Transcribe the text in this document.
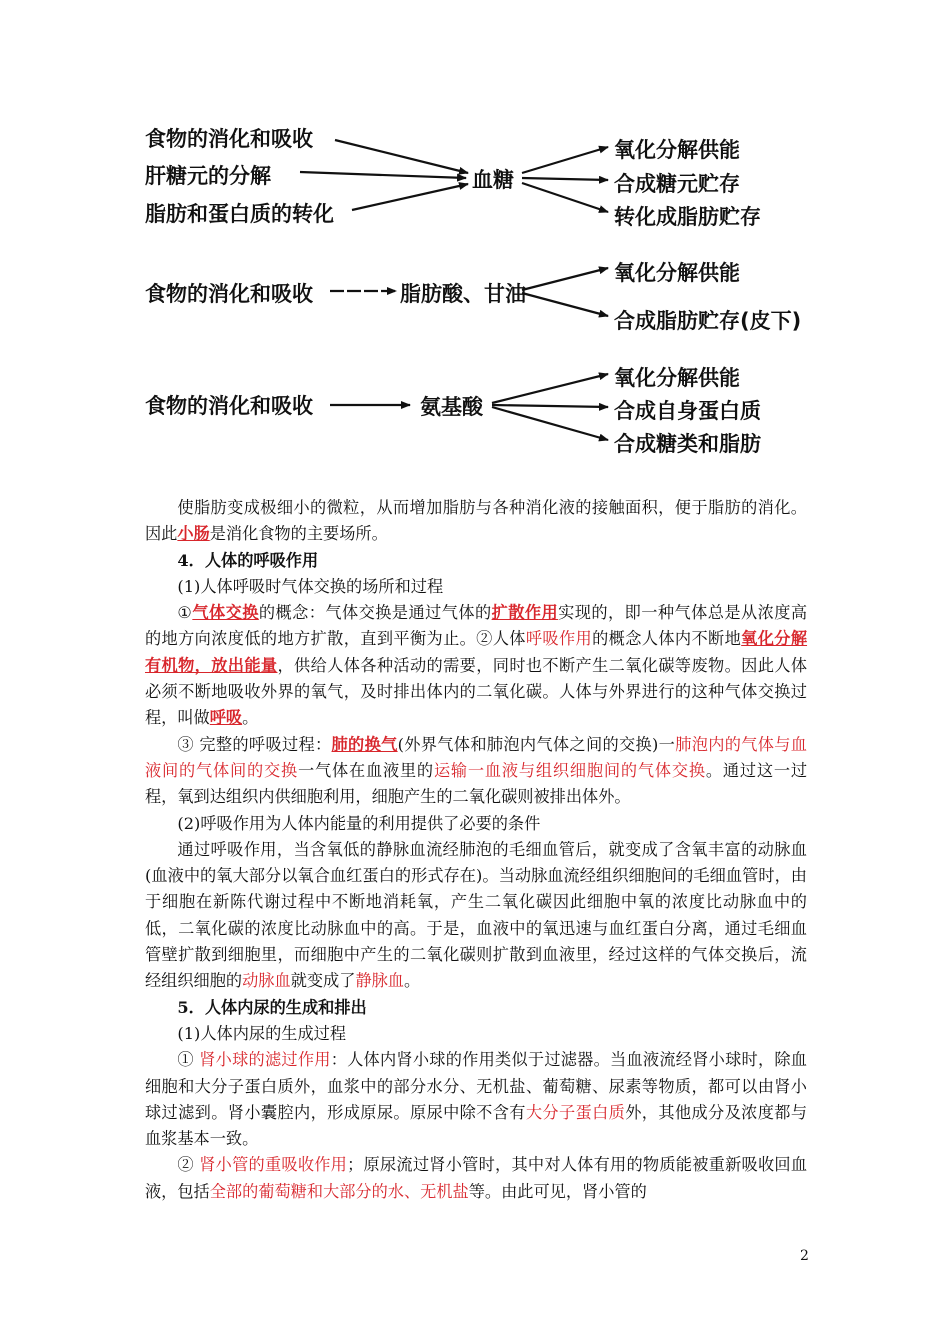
食物的消化和吸收
肝糖元的分解
脂肪和蛋白质的转化
血糖
氧化分解供能
合成糖元贮存
转化成脂肪贮存
食物的消化和吸收	脂肪酸、甘油
氧化分解供能
合成脂肪贮存(皮下)
食物的消化和吸收	氨基酸
氧化分解供能
合成自身蛋白质
合成糖类和脂肪

使脂肪变成极细小的微粒，从而增加脂肪与各种消化液的接触面积，便于脂肪的消化。因此小肠是消化食物的主要场所。

4．人体的呼吸作用

(1)人体呼吸时气体交换的场所和过程

①气体交换的概念：气体交换是通过气体的扩散作用实现的，即一种气体总是从浓度高的地方向浓度低的地方扩散，直到平衡为止。②人体呼吸作用的概念人体内不断地氧化分解有机物，放出能量，供给人体各种活动的需要，同时也不断产生二氧化碳等废物。因此人体必须不断地吸收外界的氧气，及时排出体内的二氧化碳。人体与外界进行的这种气体交换过程，叫做呼吸。

③ 完整的呼吸过程：肺的换气(外界气体和肺泡内气体之间的交换)一肺泡内的气体与血液间的气体间的交换一气体在血液里的运输一血液与组织细胞间的气体交换。通过这一过程，氧到达组织内供细胞利用，细胞产生的二氧化碳则被排出体外。

(2)呼吸作用为人体内能量的利用提供了必要的条件

通过呼吸作用，当含氧低的静脉血流经肺泡的毛细血管后，就变成了含氧丰富的动脉血(血液中的氧大部分以氧合血红蛋白的形式存在)。当动脉血流经组织细胞间的毛细血管时，由于细胞在新陈代谢过程中不断地消耗氧，产生二氧化碳因此细胞中氧的浓度比动脉血中的低，二氧化碳的浓度比动脉血中的高。于是，血液中的氧迅速与血红蛋白分离，通过毛细血管壁扩散到细胞里，而细胞中产生的二氧化碳则扩散到血液里，经过这样的气体交换后，流经组织细胞的动脉血就变成了静脉血。

5．人体内尿的生成和排出

(1)人体内尿的生成过程

① 肾小球的滤过作用：人体内肾小球的作用类似于过滤器。当血液流经肾小球时，除血细胞和大分子蛋白质外，血浆中的部分水分、无机盐、葡萄糖、尿素等物质，都可以由肾小球过滤到。肾小囊腔内，形成原尿。原尿中除不含有大分子蛋白质外，其他成分及浓度都与血浆基本一致。

② 肾小管的重吸收作用；原尿流过肾小管时，其中对人体有用的物质能被重新吸收回血液，包括全部的葡萄糖和大部分的水、无机盐等。由此可见，肾小管的

2
